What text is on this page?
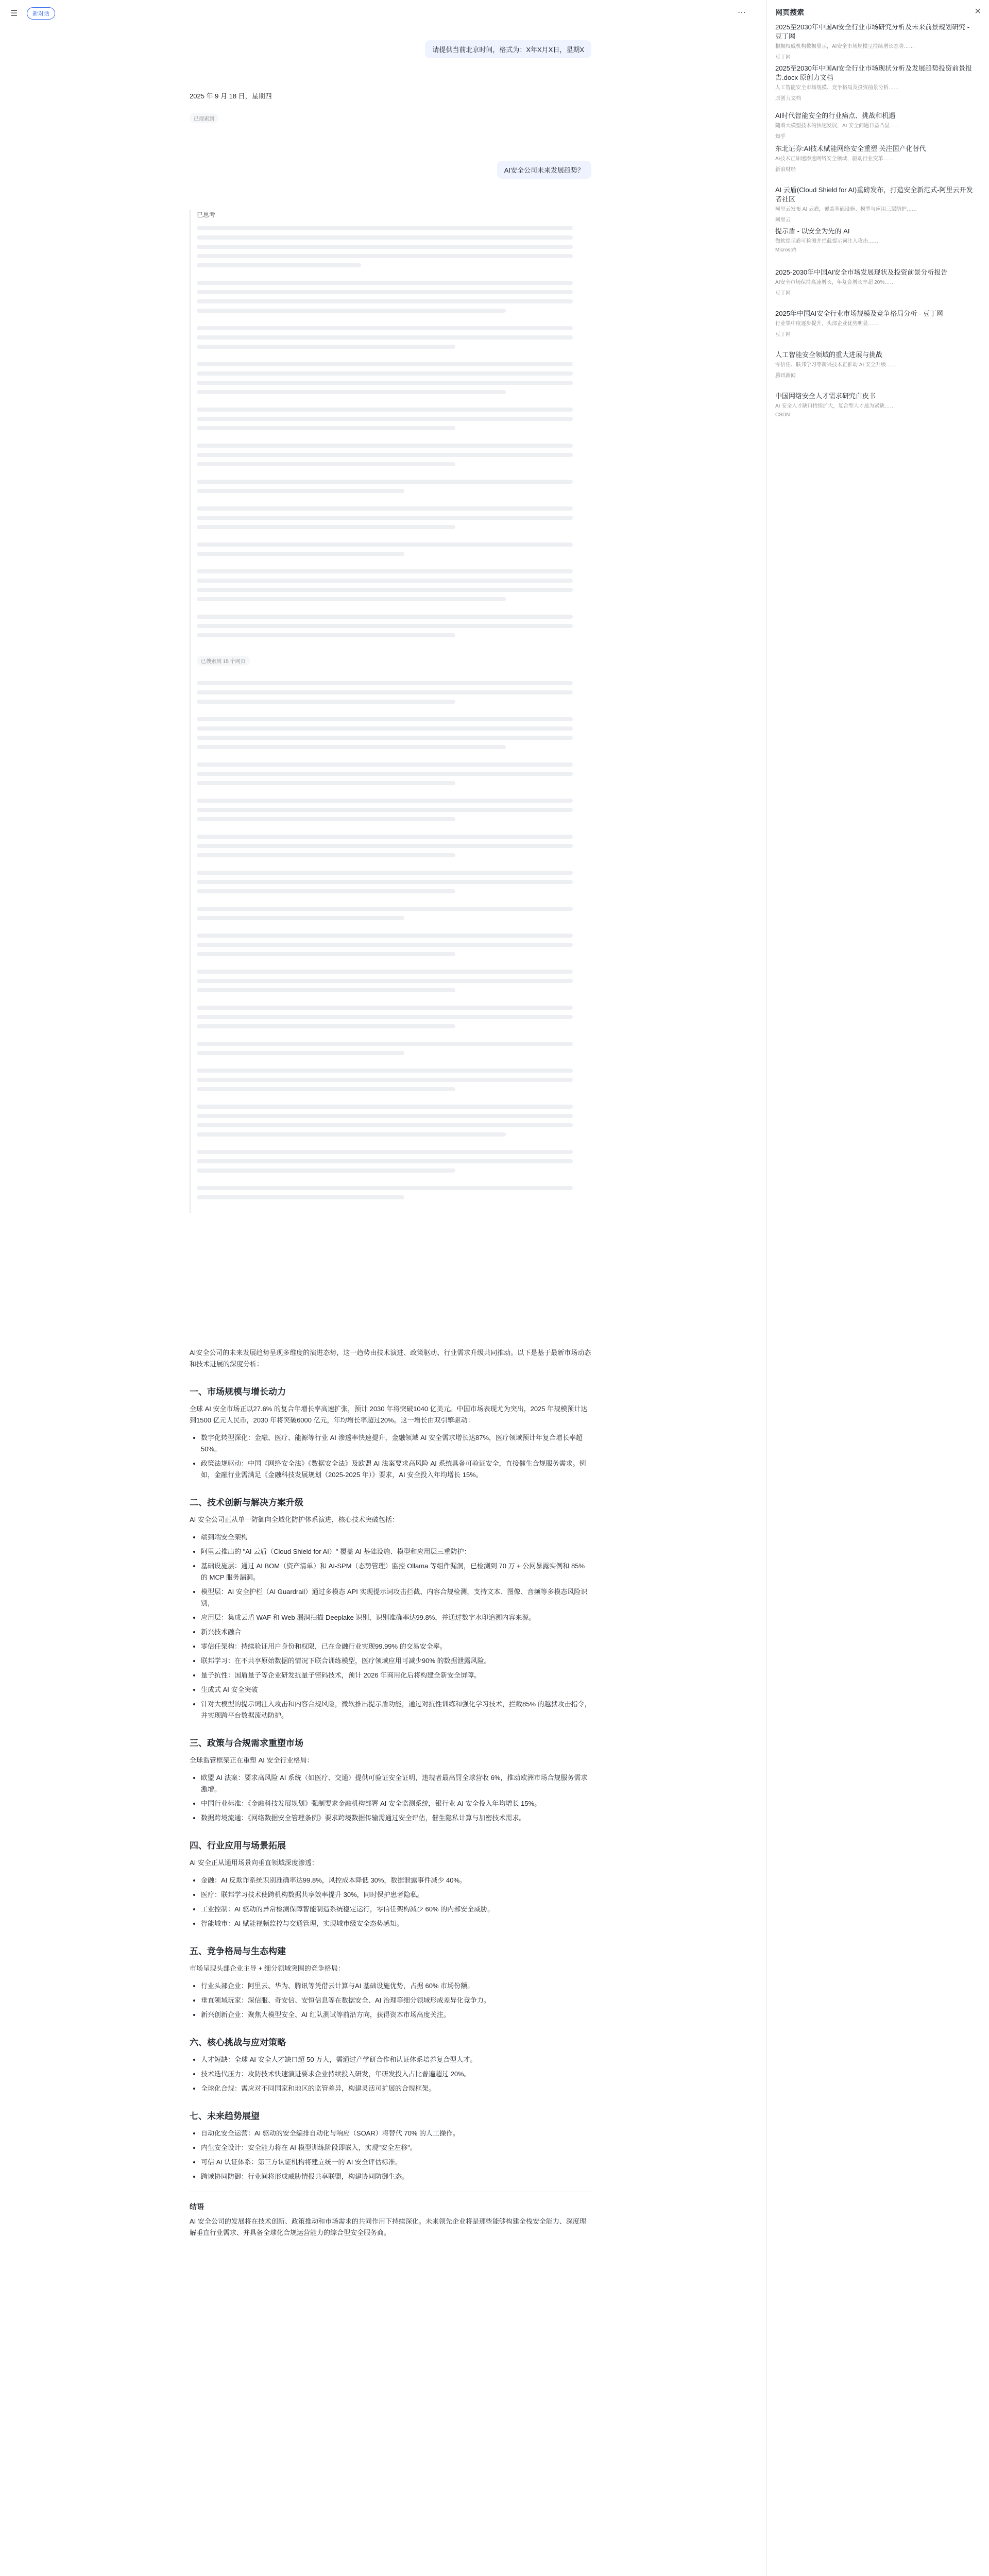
☰	新对话	⋯
请提供当前北京时间，格式为：X年X月X日，星期X
2025 年 9 月 18 日，星期四
已搜索到
AI安全公司未来发展趋势？
已思考
已搜索到 15 个网页

AI安全公司的未来发展趋势呈现多维度的演进态势，这一趋势由技术演进、政策驱动、行业需求升级共同推动。以下是基于最新市场动态和技术进展的深度分析：

一、市场规模与增长动力

全球 AI 安全市场正以27.6% 的复合年增长率高速扩张，预计 2030 年将突破1040 亿美元。中国市场表现尤为突出，2025 年规模预计达到1500 亿元人民币，2030 年将突破6000 亿元，年均增长率超过20%。这一增长由双引擎驱动：

• 数字化转型深化：金融、医疗、能源等行业 AI 渗透率快速提升，金融领域 AI 安全需求增长达87%，医疗领域预计年复合增长率超50%。
• 政策法规驱动：中国《网络安全法》《数据安全法》及欧盟 AI 法案要求高风险 AI 系统具备可验证安全，直接催生合规服务需求。例如，金融行业需满足《金融科技发展规划（2025-2025 年）》要求，AI 安全投入年均增长 15%。
二、技术创新与解决方案升级

AI 安全公司正从单一防御向全域化防护体系演进，核心技术突破包括：

• 端到端安全架构
• 阿里云推出的 "AI 云盾（Cloud Shield for AI）" 覆盖 AI 基础设施、模型和应用层三重防护：
• 基础设施层：通过 AI BOM（资产清单）和 AI-SPM（态势管理）监控 Ollama 等组件漏洞，已检测到 70 万 + 公网暴露实例和 85% 的 MCP 服务漏洞。
• 模型层：AI 安全护栏（AI Guardrail）通过多模态 API 实现提示词攻击拦截、内容合规检测，支持文本、图像、音频等多模态风险识别，
• 应用层：集成云盾 WAF 和 Web 漏洞扫描 Deeplake 识别，识别准确率达99.8%，并通过数字水印追溯内容来源。
• 新兴技术融合
• 零信任架构：持续验证用户身份和权限，已在金融行业实现99.99% 的交易安全率。
• 联邦学习：在不共享原始数据的情况下联合训练模型，医疗领域应用可减少90% 的数据泄露风险。
• 量子抗性：国盾量子等企业研发抗量子密码技术，预计 2026 年商用化后将构建全新安全屏障。
• 生成式 AI 安全突破
• 针对大模型的提示词注入攻击和内容合规风险，微软推出提示盾功能，通过对抗性训练和强化学习技术，拦截85% 的越狱攻击指令，并实现跨平台数据流动防护。
三、政策与合规需求重塑市场

全球监管框架正在重塑 AI 安全行业格局：

• 欧盟 AI 法案：要求高风险 AI 系统（如医疗、交通）提供可验证安全证明，违规者最高罚全球营收 6%，推动欧洲市场合规服务需求激增。
• 中国行业标准：《金融科技发展规划》强制要求金融机构部署 AI 安全监测系统，银行业 AI 安全投入年均增长 15%。
• 数据跨境流通：《网络数据安全管理条例》要求跨境数据传输需通过安全评估，催生隐私计算与加密技术需求。
四、行业应用与场景拓展

AI 安全正从通用场景向垂直领域深度渗透：

• 金融：AI 反欺诈系统识别准确率达99.8%，风控成本降低 30%，数据泄露事件减少 40%。
• 医疗：联邦学习技术使跨机构数据共享效率提升 30%，同时保护患者隐私。
• 工业控制：AI 驱动的异常检测保障智能制造系统稳定运行，零信任架构减少 60% 的内部安全威胁。
• 智能城市：AI 赋能视频监控与交通管理，实现城市级安全态势感知。
五、竞争格局与生态构建

市场呈现头部企业主导 + 细分领域突围的竞争格局：

• 行业头部企业：阿里云、华为、腾讯等凭借云计算与AI 基础设施优势，占据 60% 市场份额。
• 垂直领域玩家：深信服、奇安信、安恒信息等在数据安全、AI 治理等细分领域形成差异化竞争力。
• 新兴创新企业：聚焦大模型安全、AI 红队测试等前沿方向，获得资本市场高度关注。
六、核心挑战与应对策略
• 人才短缺：全球 AI 安全人才缺口超 50 万人，需通过产学研合作和认证体系培养复合型人才。
• 技术迭代压力：攻防技术快速演进要求企业持续投入研发，年研发投入占比普遍超过 20%。
• 全球化合规：需应对不同国家和地区的监管差异，构建灵活可扩展的合规框架。
七、未来趋势展望
• 自动化安全运营：AI 驱动的安全编排自动化与响应（SOAR）将替代 70% 的人工操作。
• 内生安全设计：安全能力将在 AI 模型训练阶段即嵌入，实现"安全左移"。
• 可信 AI 认证体系：第三方认证机构将建立统一的 AI 安全评估标准。
• 跨域协同防御：行业间将形成威胁情报共享联盟，构建协同防御生态。
结语

AI 安全公司的发展将在技术创新、政策推动和市场需求的共同作用下持续深化。未来领先企业将是那些能够构建全栈安全能力、深度理解垂直行业需求、并具备全球化合规运营能力的综合型安全服务商。

网页搜索	✕
2025至2030年中国AI安全行业市场研究分析及未来前景规划研究 - 豆丁网
根据权威机构数据显示，AI安全市场规模呈持续增长态势……
豆丁网
2025至2030年中国AI安全行业市场现状分析及发展趋势投资前景报告.docx 原创力文档
人工智能安全市场规模、竞争格局及投资前景分析……
原创力文档
AI时代智能安全的行业痛点、挑战和机遇
随着大模型技术的快速发展，AI 安全问题日益凸显……
知乎
东北证券:AI技术赋能网络安全重塑 关注国产化替代
AI技术正加速渗透网络安全领域，驱动行业变革……
新浪财经
AI 云盾(Cloud Shield for AI)重磅发布，打造安全新范式-阿里云开发者社区
阿里云发布 AI 云盾，覆盖基础设施、模型与应用三层防护……
阿里云
提示盾 - 以安全为先的 AI
微软提示盾可检测并拦截提示词注入攻击……
Microsoft
2025-2030年中国AI安全市场发展现状及投资前景分析报告
AI安全市场保持高速增长，年复合增长率超 20%……
豆丁网
2025年中国AI安全行业市场规模及竞争格局分析 - 豆丁网
行业集中度逐步提升，头部企业优势明显……
豆丁网
人工智能安全领域的重大进展与挑战
零信任、联邦学习等新兴技术正推动 AI 安全升级……
腾讯新闻
中国网络安全人才需求研究白皮书
AI 安全人才缺口持续扩大，复合型人才最为紧缺……
CSDN
